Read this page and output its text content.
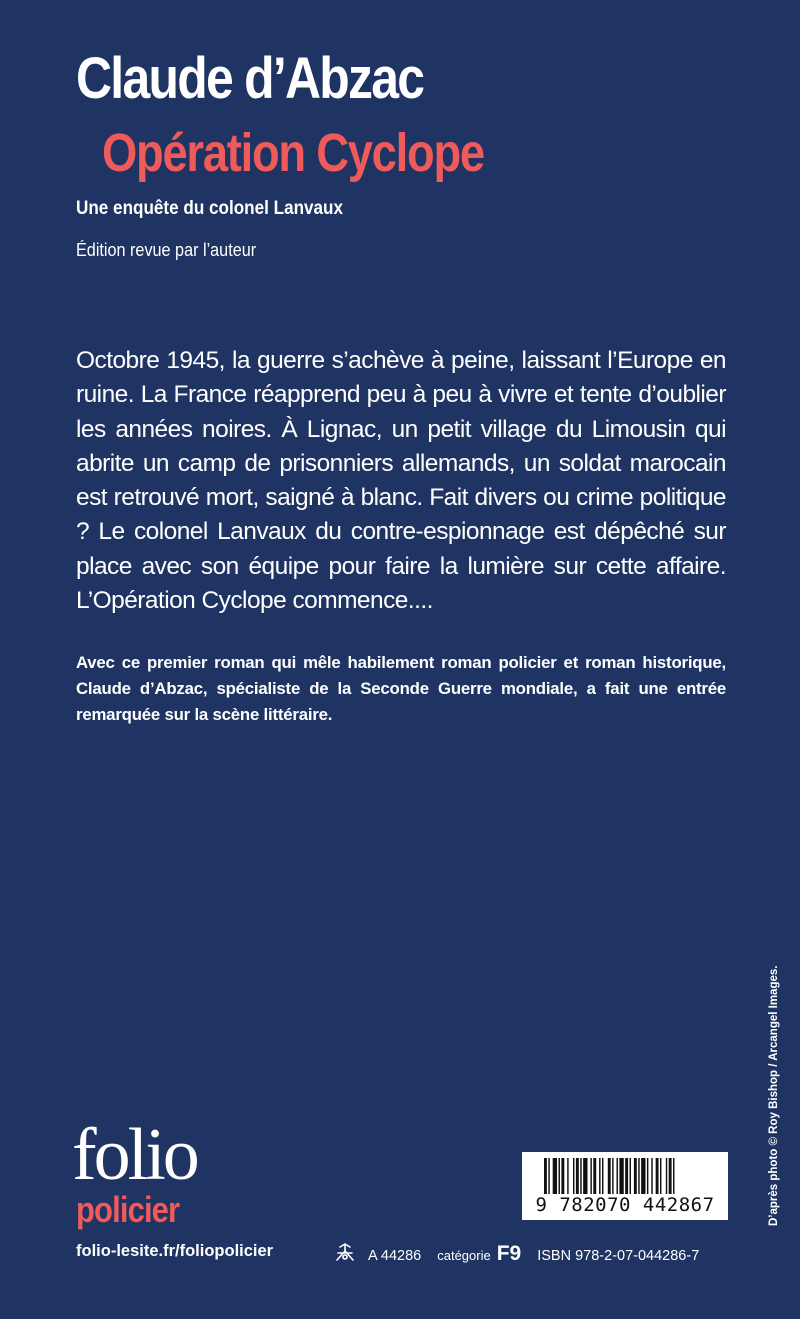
Claude d’Abzac
Opération Cyclope
Une enquête du colonel Lanvaux
Édition revue par l’auteur

Octobre 1945, la guerre s’achève à peine, laissant l’Europe en ruine. La France réapprend peu à peu à vivre et tente d’oublier les années noires. À Lignac, un petit village du Limousin qui abrite un camp de prisonniers allemands, un soldat marocain est retrouvé mort, saigné à blanc. Fait divers ou crime politique ? Le colonel Lanvaux du contre-espionnage est dépêché sur place avec son équipe pour faire la lumière sur cette affaire. L’Opération Cyclope commence....

Avec ce premier roman qui mêle habilement roman policier et roman historique, Claude d’Abzac, spécialiste de la Seconde Guerre mondiale, a fait une entrée remarquée sur la scène littéraire.

D’après photo © Roy Bishop / Arcangel Images.
folio
policier
folio-lesite.fr/foliopolicier	A 44286 catégorie F9 ISBN 978-2-07-044286-7
9 782070 442867
